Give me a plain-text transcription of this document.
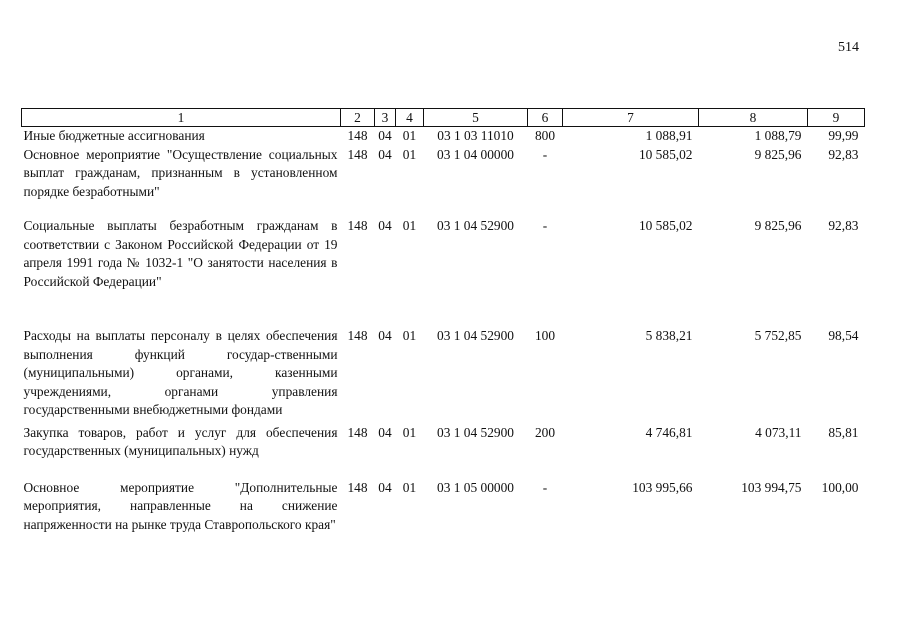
514
1	2	3	4	5	6	7	8	9
Иные бюджетные ассигнования	148	04	01	03 1 03 11010	800	1 088,91	1 088,79	99,99
Основное мероприятие "Осуществление социальных выплат гражданам, признанным в установленном порядке безработными"	148	04	01	03 1 04 00000	-	10 585,02	9 825,96	92,83

Социальные выплаты безработным гражданам в соответствии с Законом Российской Федерации от 19 апреля 1991 года № 1032-1 "О занятости населения в Российской Федерации"	148	04	01	03 1 04 52900	-	10 585,02	9 825,96	92,83

Расходы на выплаты персоналу в целях обеспечения выполнения функций государ-ственными (муниципальными) органами, казенными учреждениями, органами управления государственными внебюджетными фондами	148	04	01	03 1 04 52900	100	5 838,21	5 752,85	98,54

Закупка товаров, работ и услуг для обеспечения государственных (муниципальных) нужд	148	04	01	03 1 04 52900	200	4 746,81	4 073,11	85,81

Основное мероприятие "Дополнительные мероприятия, направленные на снижение напряженности на рынке труда Ставропольского края"	148	04	01	03 1 05 00000	-	103 995,66	103 994,75	100,00
